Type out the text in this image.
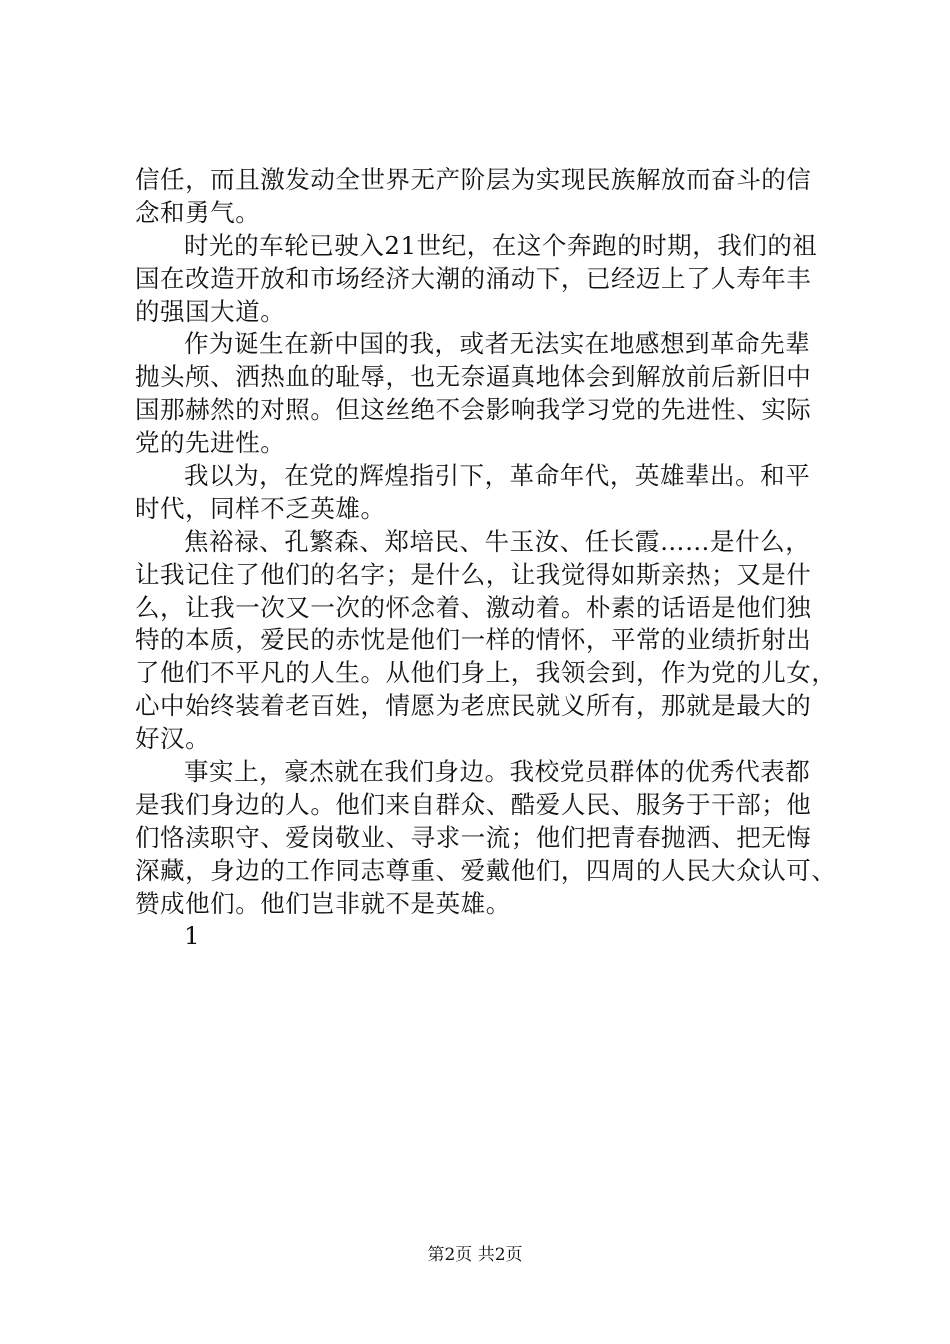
信任，而且激发动全世界无产阶层为实现民族解放而奋斗的信
念和勇气。
时光的车轮已驶入21世纪，在这个奔跑的时期，我们的祖
国在改造开放和市场经济大潮的涌动下，已经迈上了人寿年丰
的强国大道。
作为诞生在新中国的我，或者无法实在地感想到革命先辈
抛头颅、洒热血的耻辱，也无奈逼真地体会到解放前后新旧中
国那赫然的对照。但这丝绝不会影响我学习党的先进性、实际
党的先进性。
我以为，在党的辉煌指引下，革命年代，英雄辈出。和平
时代，同样不乏英雄。
焦裕禄、孔繁森、郑培民、牛玉汝、任长霞……是什么，
让我记住了他们的名字；是什么，让我觉得如斯亲热；又是什
么，让我一次又一次的怀念着、激动着。朴素的话语是他们独
特的本质，爱民的赤忱是他们一样的情怀，平常的业绩折射出
了他们不平凡的人生。从他们身上，我领会到，作为党的儿女，
心中始终装着老百姓，情愿为老庶民就义所有，那就是最大的
好汉。
事实上，豪杰就在我们身边。我校党员群体的优秀代表都
是我们身边的人。他们来自群众、酷爱人民、服务于干部；他
们恪渎职守、爱岗敬业、寻求一流；他们把青春抛洒、把无悔
深藏，身边的工作同志尊重、爱戴他们，四周的人民大众认可、
赞成他们。他们岂非就不是英雄。
1
第2页 共2页
